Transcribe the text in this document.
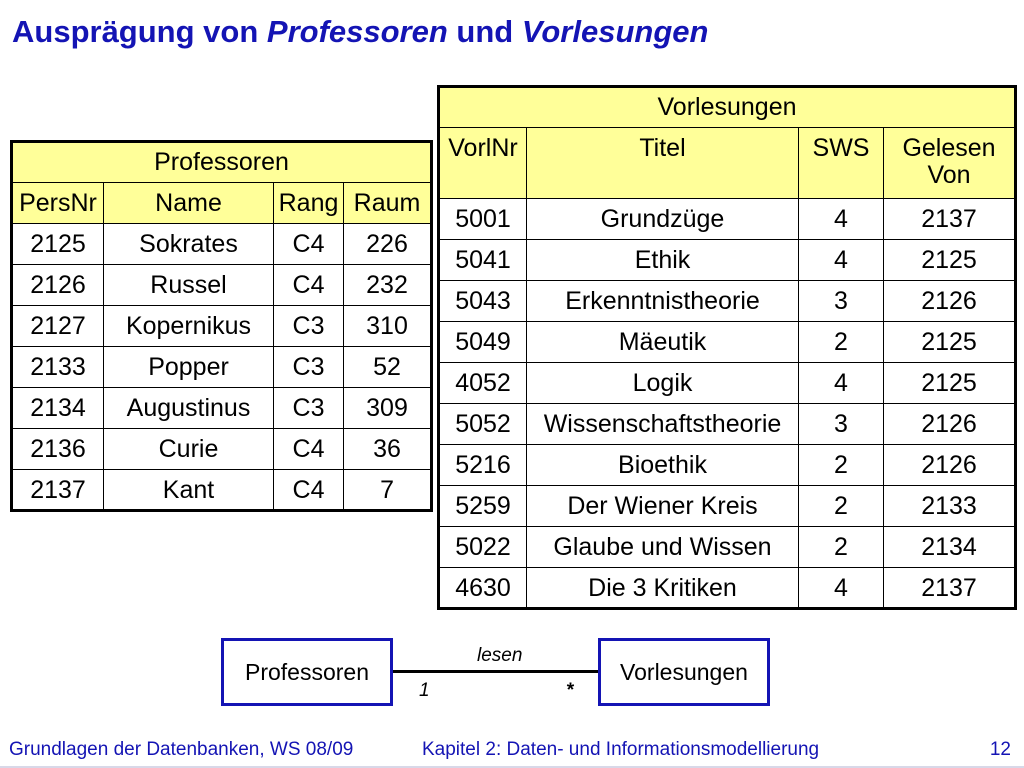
Ausprägung von Professoren und Vorlesungen
Professoren			
PersNr	Name	Rang	Raum
2125	Sokrates	C4	226
2126	Russel	C4	232
2127	Kopernikus	C3	310
2133	Popper	C3	52
2134	Augustinus	C3	309
2136	Curie	C4	36
2137	Kant	C4	7
Vorlesungen			
VorlNr	Titel	SWS	Gelesen Von
5001	Grundzüge	4	2137
5041	Ethik	4	2125
5043	Erkenntnistheorie	3	2126
5049	Mäeutik	2	2125
4052	Logik	4	2125
5052	Wissenschaftstheorie	3	2126
5216	Bioethik	2	2126
5259	Der Wiener Kreis	2	2133
5022	Glaube und Wissen	2	2134
4630	Die 3 Kritiken	4	2137
Professoren	Vorlesungen
lesen
1	*
Grundlagen der Datenbanken, WS 08/09	Kapitel 2: Daten- und Informationsmodellierung	12
